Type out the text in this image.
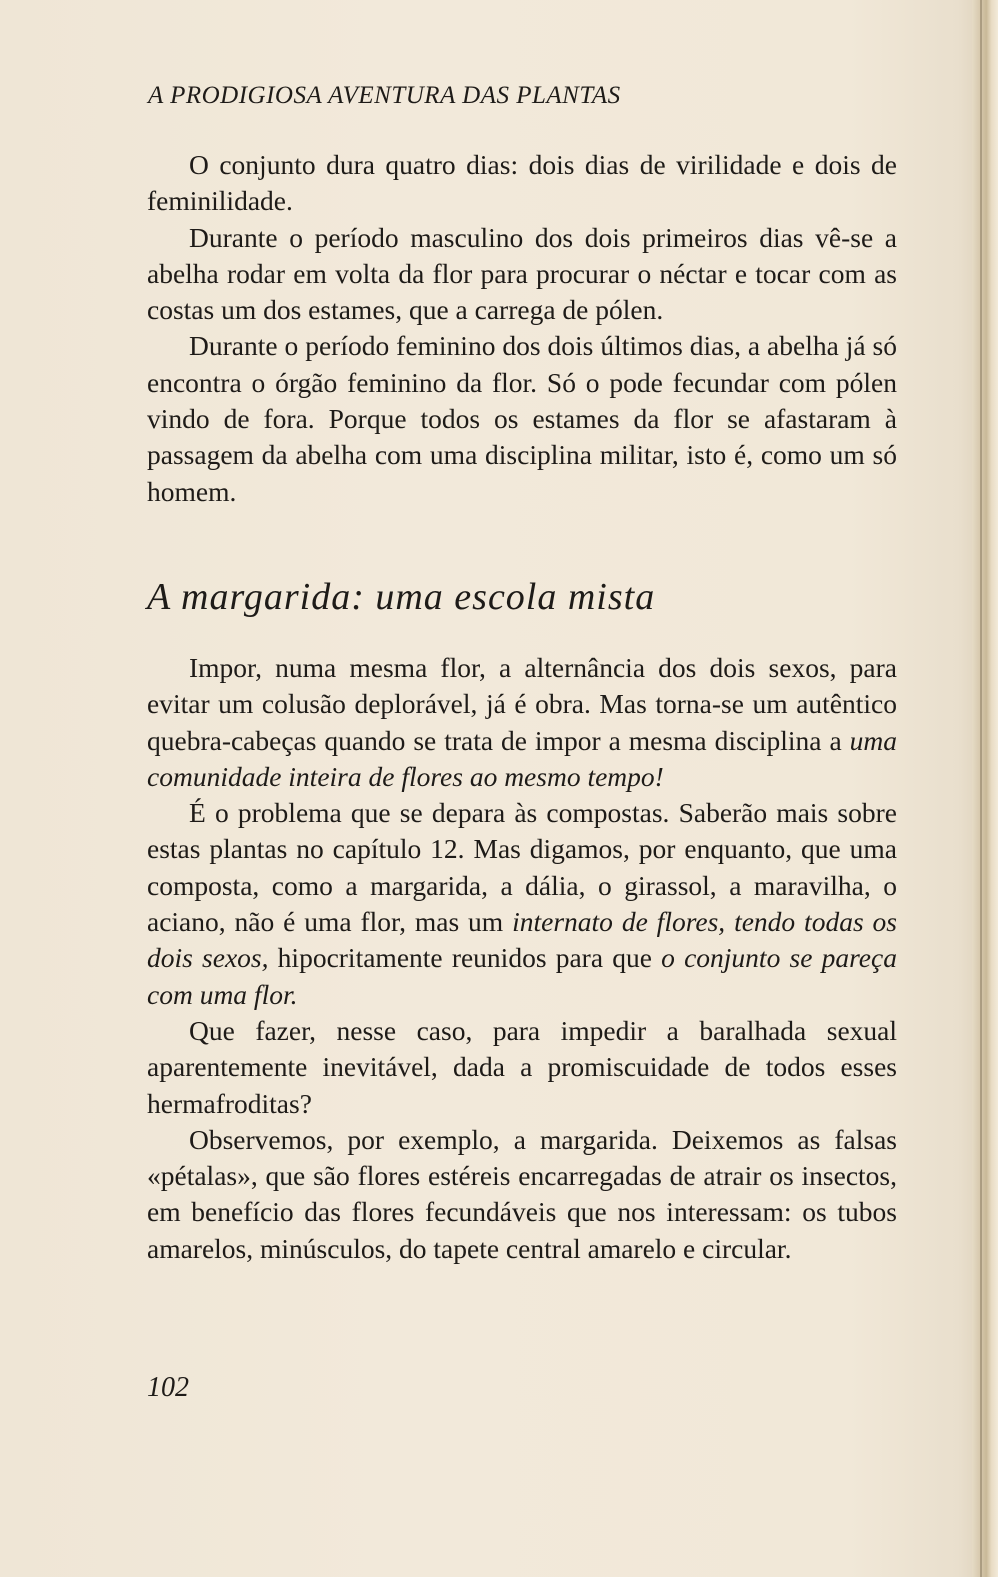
A PRODIGIOSA AVENTURA DAS PLANTAS

O conjunto dura quatro dias: dois dias de virilidade e dois de feminilidade.

Durante o período masculino dos dois primeiros dias vê-se a abelha rodar em volta da flor para procurar o néctar e tocar com as costas um dos estames, que a carrega de pólen.

Durante o período feminino dos dois últimos dias, a abelha já só encontra o órgão feminino da flor. Só o pode fecundar com pólen vindo de fora. Porque todos os estames da flor se afastaram à passagem da abelha com uma disciplina militar, isto é, como um só homem.

A margarida: uma escola mista

Impor, numa mesma flor, a alternância dos dois sexos, para evitar um colusão deplorável, já é obra. Mas torna-se um autêntico quebra-cabeças quando se trata de impor a mesma disciplina a uma comunidade inteira de flores ao mesmo tempo!

É o problema que se depara às compostas. Saberão mais sobre estas plantas no capítulo 12. Mas digamos, por enquanto, que uma composta, como a margarida, a dália, o girassol, a maravilha, o aciano, não é uma flor, mas um internato de flores, tendo todas os dois sexos, hipocritamente reunidos para que o conjunto se pareça com uma flor.

Que fazer, nesse caso, para impedir a baralhada sexual aparentemente inevitável, dada a promiscuidade de todos esses hermafroditas?

Observemos, por exemplo, a margarida. Deixemos as falsas «pétalas», que são flores estéreis encarregadas de atrair os insectos, em benefício das flores fecundáveis que nos interessam: os tubos amarelos, minúsculos, do tapete central amarelo e circular.

102
